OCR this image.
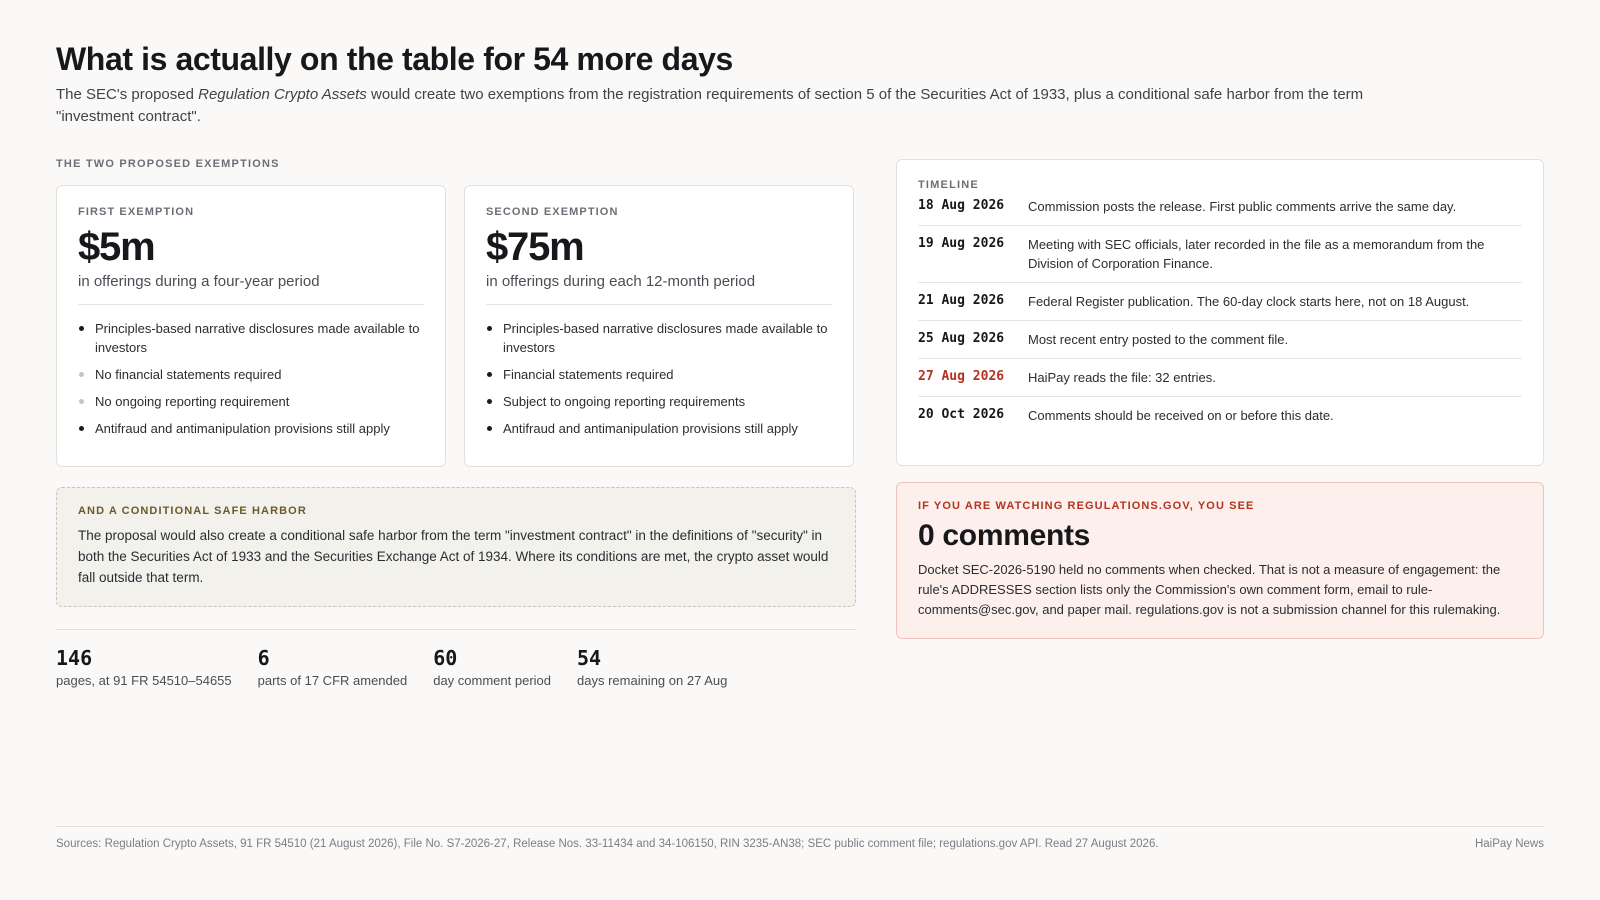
What is actually on the table for 54 more days

The SEC's proposed Regulation Crypto Assets would create two exemptions from the registration requirements of section 5 of the Securities Act of 1933, plus a conditional safe harbor from the term "investment contract".

THE TWO PROPOSED EXEMPTIONS
FIRST EXEMPTION
$5m
in offerings during a four-year period
Principles-based narrative disclosures made available to investors
No financial statements required
No ongoing reporting requirement
Antifraud and antimanipulation provisions still apply
SECOND EXEMPTION
$75m
in offerings during each 12-month period
Principles-based narrative disclosures made available to investors
Financial statements required
Subject to ongoing reporting requirements
Antifraud and antimanipulation provisions still apply
AND A CONDITIONAL SAFE HARBOR

The proposal would also create a conditional safe harbor from the term "investment contract" in the definitions of "security" in both the Securities Act of 1933 and the Securities Exchange Act of 1934. Where its conditions are met, the crypto asset would fall outside that term.

146
pages, at 91 FR 54510–54655
6
parts of 17 CFR amended
60
day comment period
54
days remaining on 27 Aug
TIMELINE
18 Aug 2026	Commission posts the release. First public comments arrive the same day.
19 Aug 2026	Meeting with SEC officials, later recorded in the file as a memorandum from the Division of Corporation Finance.
21 Aug 2026	Federal Register publication. The 60-day clock starts here, not on 18 August.
25 Aug 2026	Most recent entry posted to the comment file.
27 Aug 2026	HaiPay reads the file: 32 entries.
20 Oct 2026	Comments should be received on or before this date.
IF YOU ARE WATCHING REGULATIONS.GOV, YOU SEE
0 comments

Docket SEC-2026-5190 held no comments when checked. That is not a measure of engagement: the rule's ADDRESSES section lists only the Commission's own comment form, email to rule-comments@sec.gov, and paper mail. regulations.gov is not a submission channel for this rulemaking.

Sources: Regulation Crypto Assets, 91 FR 54510 (21 August 2026), File No. S7-2026-27, Release Nos. 33-11434 and 34-106150, RIN 3235-AN38; SEC public comment file; regulations.gov API. Read 27 August 2026.	HaiPay News
